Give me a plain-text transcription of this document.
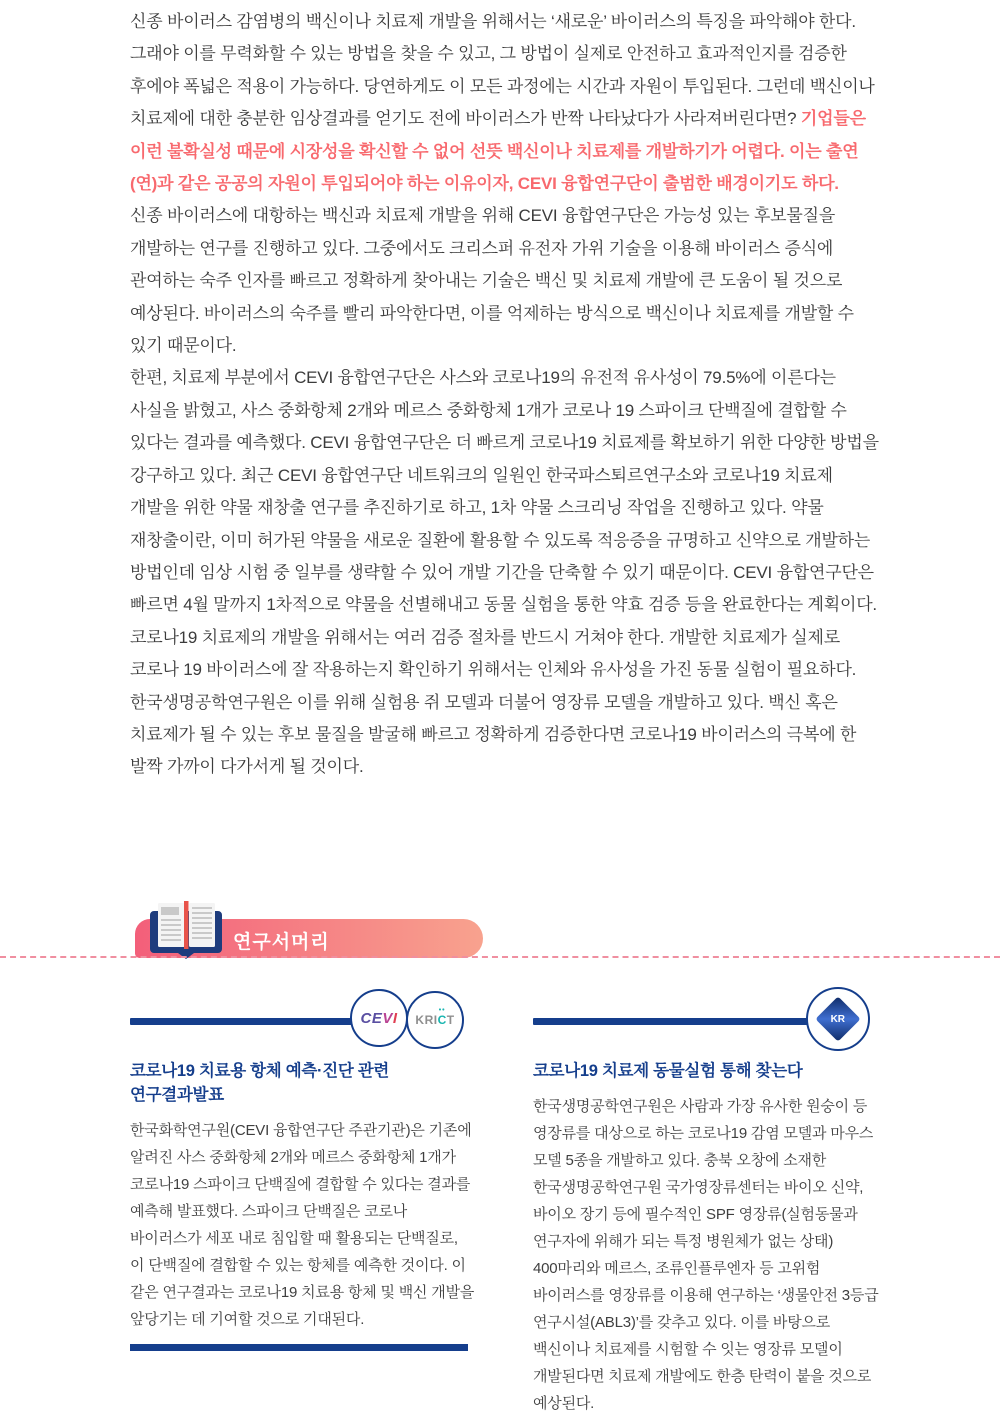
신종 바이러스 감염병의 백신이나 치료제 개발을 위해서는 ‘새로운’ 바이러스의 특징을 파악해야 한다. 그래야 이를 무력화할 수 있는 방법을 찾을 수 있고, 그 방법이 실제로 안전하고 효과적인지를 검증한 후에야 폭넓은 적용이 가능하다. 당연하게도 이 모든 과정에는 시간과 자원이 투입된다. 그런데 백신이나 치료제에 대한 충분한 임상결과를 얻기도 전에 바이러스가 반짝 나타났다가 사라져버린다면? 기업들은 이런 불확실성 때문에 시장성을 확신할 수 없어 선뜻 백신이나 치료제를 개발하기가 어렵다. 이는 출연(연)과 같은 공공의 자원이 투입되어야 하는 이유이자, CEVI 융합연구단이 출범한 배경이기도 하다.

신종 바이러스에 대항하는 백신과 치료제 개발을 위해 CEVI 융합연구단은 가능성 있는 후보물질을 개발하는 연구를 진행하고 있다. 그중에서도 크리스퍼 유전자 가위 기술을 이용해 바이러스 증식에 관여하는 숙주 인자를 빠르고 정확하게 찾아내는 기술은 백신 및 치료제 개발에 큰 도움이 될 것으로 예상된다. 바이러스의 숙주를 빨리 파악한다면, 이를 억제하는 방식으로 백신이나 치료제를 개발할 수 있기 때문이다.

한편, 치료제 부분에서 CEVI 융합연구단은 사스와 코로나19의 유전적 유사성이 79.5%에 이른다는 사실을 밝혔고, 사스 중화항체 2개와 메르스 중화항체 1개가 코로나 19 스파이크 단백질에 결합할 수 있다는 결과를 예측했다. CEVI 융합연구단은 더 빠르게 코로나19 치료제를 확보하기 위한 다양한 방법을 강구하고 있다. 최근 CEVI 융합연구단 네트워크의 일원인 한국파스퇴르연구소와 코로나19 치료제 개발을 위한 약물 재창출 연구를 추진하기로 하고, 1차 약물 스크리닝 작업을 진행하고 있다. 약물 재창출이란, 이미 허가된 약물을 새로운 질환에 활용할 수 있도록 적응증을 규명하고 신약으로 개발하는 방법인데 임상 시험 중 일부를 생략할 수 있어 개발 기간을 단축할 수 있기 때문이다. CEVI 융합연구단은 빠르면 4월 말까지 1차적으로 약물을 선별해내고 동물 실험을 통한 약효 검증 등을 완료한다는 계획이다.

코로나19 치료제의 개발을 위해서는 여러 검증 절차를 반드시 거쳐야 한다. 개발한 치료제가 실제로 코로나 19 바이러스에 잘 작용하는지 확인하기 위해서는 인체와 유사성을 가진 동물 실험이 필요하다. 한국생명공학연구원은 이를 위해 실험용 쥐 모델과 더불어 영장류 모델을 개발하고 있다. 백신 혹은 치료제가 될 수 있는 후보 물질을 발굴해 빠르고 정확하게 검증한다면 코로나19 바이러스의 극복에 한 발짝 가까이 다가서게 될 것이다.

연구서머리
CEVI KRICT
••
코로나19 치료용 항체 예측·진단 관련 연구결과발표

한국화학연구원(CEVI 융합연구단 주관기관)은 기존에 알려진 사스 중화항체 2개와 메르스 중화항체 1개가 코로나19 스파이크 단백질에 결합할 수 있다는 결과를 예측해 발표했다. 스파이크 단백질은 코로나 바이러스가 세포 내로 침입할 때 활용되는 단백질로, 이 단백질에 결합할 수 있는 항체를 예측한 것이다. 이 같은 연구결과는 코로나19 치료용 항체 및 백신 개발을 앞당기는 데 기여할 것으로 기대된다.

KR
코로나19 치료제 동물실험 통해 찾는다

한국생명공학연구원은 사람과 가장 유사한 원숭이 등 영장류를 대상으로 하는 코로나19 감염 모델과 마우스 모델 5종을 개발하고 있다. 충북 오창에 소재한 한국생명공학연구원 국가영장류센터는 바이오 신약, 바이오 장기 등에 필수적인 SPF 영장류(실험동물과 연구자에 위해가 되는 특정 병원체가 없는 상태) 400마리와 메르스, 조류인플루엔자 등 고위험 바이러스를 영장류를 이용해 연구하는 ‘생물안전 3등급 연구시설(ABL3)’를 갖추고 있다. 이를 바탕으로 백신이나 치료제를 시험할 수 잇는 영장류 모델이 개발된다면 치료제 개발에도 한층 탄력이 붙을 것으로 예상된다.
